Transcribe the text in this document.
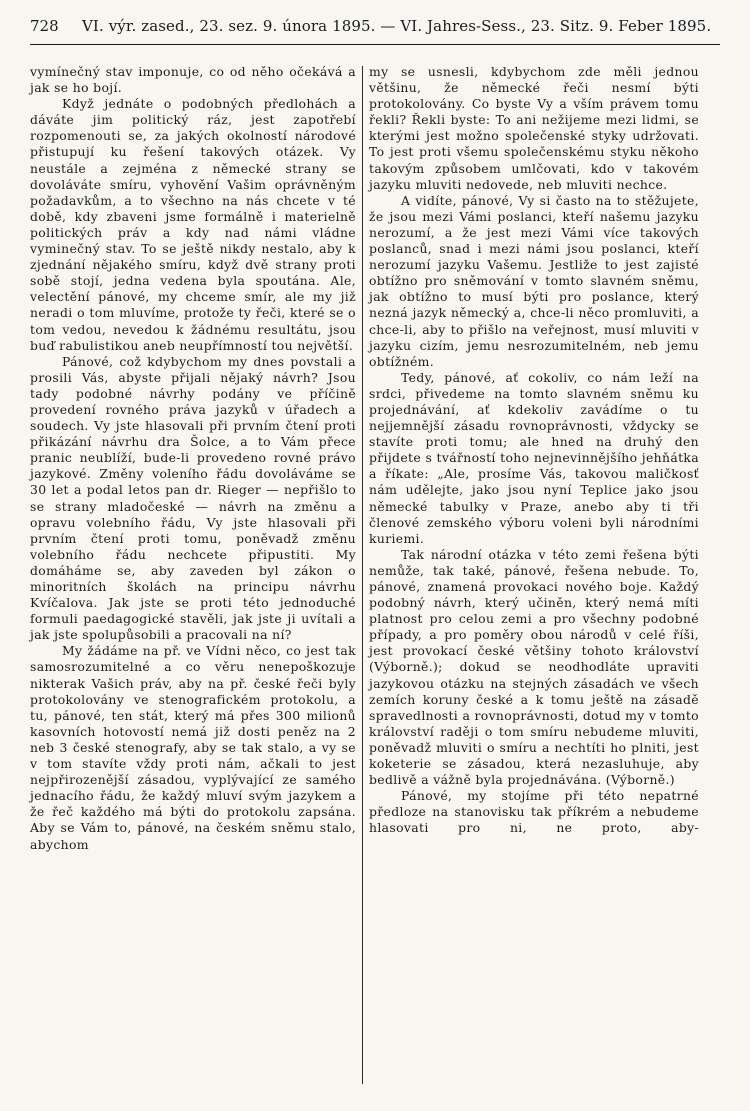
728 VI. výr. zased., 23. sez. 9. února 1895. — VI. Jahres-Sess., 23. Sitz. 9. Feber 1895.

vymínečný stav imponuje, co od něho očekává a jak se ho bojí.

Když jednáte o podobných předlohách a dáváte jim politický ráz, jest zapotřebí rozpomenouti se, za jakých okolností národové přistupují ku řešení takových otázek. Vy neustále a zejména z německé strany se dovoláváte smíru, vyhovění Vašim oprávněným požadavkům, a to všechno na nás chcete v té době, kdy zbaveni jsme formálně i materielně politických práv a kdy nad námi vládne vyminečný stav. To se ještě nikdy nestalo, aby k zjednání nějakého smíru, když dvě strany proti sobě stojí, jedna vedena byla spoutána. Ale, velectění pánové, my chceme smír, ale my již neradi o tom mluvíme, protože ty řeči, které se o tom vedou, nevedou k žádnému resultátu, jsou buď rabulistikou aneb neupřímností tou největší.

Pánové, což kdybychom my dnes povstali a prosili Vás, abyste přijali nějaký návrh? Jsou tady podobné návrhy podány ve příčině provedení rovného práva jazyků v úřadech a soudech. Vy jste hlasovali při prvním čtení proti přikázání návrhu dra Šolce, a to Vám přece pranic neublíží, bude-li provedeno rovné právo jazykové. Změny voleního řádu dovoláváme se 30 let a podal letos pan dr. Rieger — nepřišlo to se strany mladočeské — návrh na změnu a opravu volebního řádu, Vy jste hlasovali při prvním čtení proti tomu, poněvadž změnu volebního řádu nechcete připustiti. My domáháme se, aby zaveden byl zákon o minoritních školách na principu návrhu Kvíčalova. Jak jste se proti této jednoduché formuli paedagogické stavěli, jak jste ji uvítali a jak jste spolupůsobili a pracovali na ní?

My žádáme na př. ve Vídni něco, co jest tak samosrozumitelné a co věru nenepoškozuje nikterak Vašich práv, aby na př. české řeči byly protokolovány ve stenografickém protokolu, a tu, pánové, ten stát, který má přes 300 milionů kasovních hotovostí nemá již dosti peněz na 2 neb 3 české stenografy, aby se tak stalo, a vy se v tom stavíte vždy proti nám, ačkali to jest nejpřirozenější zásadou, vyplývající ze samého jednacího řádu, že každý mluví svým jazykem a že řeč každého má býti do protokolu zapsána. Aby se Vám to, pánové, na českém sněmu stalo, abychom

my se usnesli, kdybychom zde měli jednou většinu, že německé řeči nesmí býti protokolovány. Co byste Vy a vším právem tomu řekli? Řekli byste: To ani nežijeme mezi lidmi, se kterými jest možno společenské styky udržovati. To jest proti všemu společenskému styku někoho takovým způsobem umlčovati, kdo v takovém jazyku mluviti nedovede, neb mluviti nechce.

A vidíte, pánové, Vy si často na to stěžujete, že jsou mezi Vámi poslanci, kteří našemu jazyku nerozumí, a že jest mezi Vámi více takových poslanců, snad i mezi námi jsou poslanci, kteří nerozumí jazyku Vašemu. Jestliže to jest zajisté obtížno pro sněmování v tomto slavném sněmu, jak obtížno to musí býti pro poslance, který nezná jazyk německý a, chce-li něco promluviti, a chce-li, aby to přišlo na veřejnost, musí mluviti v jazyku cizím, jemu nesrozumitelném, neb jemu obtížném.

Tedy, pánové, ať cokoliv, co nám leží na srdci, přivedeme na tomto slavném sněmu ku projednávání, ať kdekoliv zavádíme o tu nejjemnější zásadu rovnoprávnosti, vždycky se stavíte proti tomu; ale hned na druhý den přijdete s tvářností toho nejnevinnějšího jehňátka a říkate: „Ale, prosíme Vás, takovou maličkosť nám udělejte, jako jsou nyní Teplice jako jsou německé tabulky v Praze, anebo aby ti tři členové zemského výboru voleni byli národními kuriemi.

Tak národní otázka v této zemi řešena býti nemůže, tak také, pánové, řešena nebude. To, pánové, znamená provokaci nového boje. Každý podobný návrh, který učiněn, který nemá míti platnost pro celou zemi a pro všechny podobné případy, a pro poměry obou národů v celé říši, jest provokací české většiny tohoto království (Výborně.); dokud se neodhodláte upraviti jazykovou otázku na stejných zásadách ve všech zemích koruny české a k tomu ještě na zásadě spravedlnosti a rovnoprávnosti, dotud my v tomto království raději o tom smíru nebudeme mluviti, poněvadž mluviti o smíru a nechtíti ho plniti, jest koketerie se zásadou, která nezasluhuje, aby bedlivě a vážně byla projednávána. (Výborně.)

Pánové, my stojíme při této nepatrné předloze na stanovisku tak příkrém a nebudeme hlasovati pro ni, ne proto, aby-
